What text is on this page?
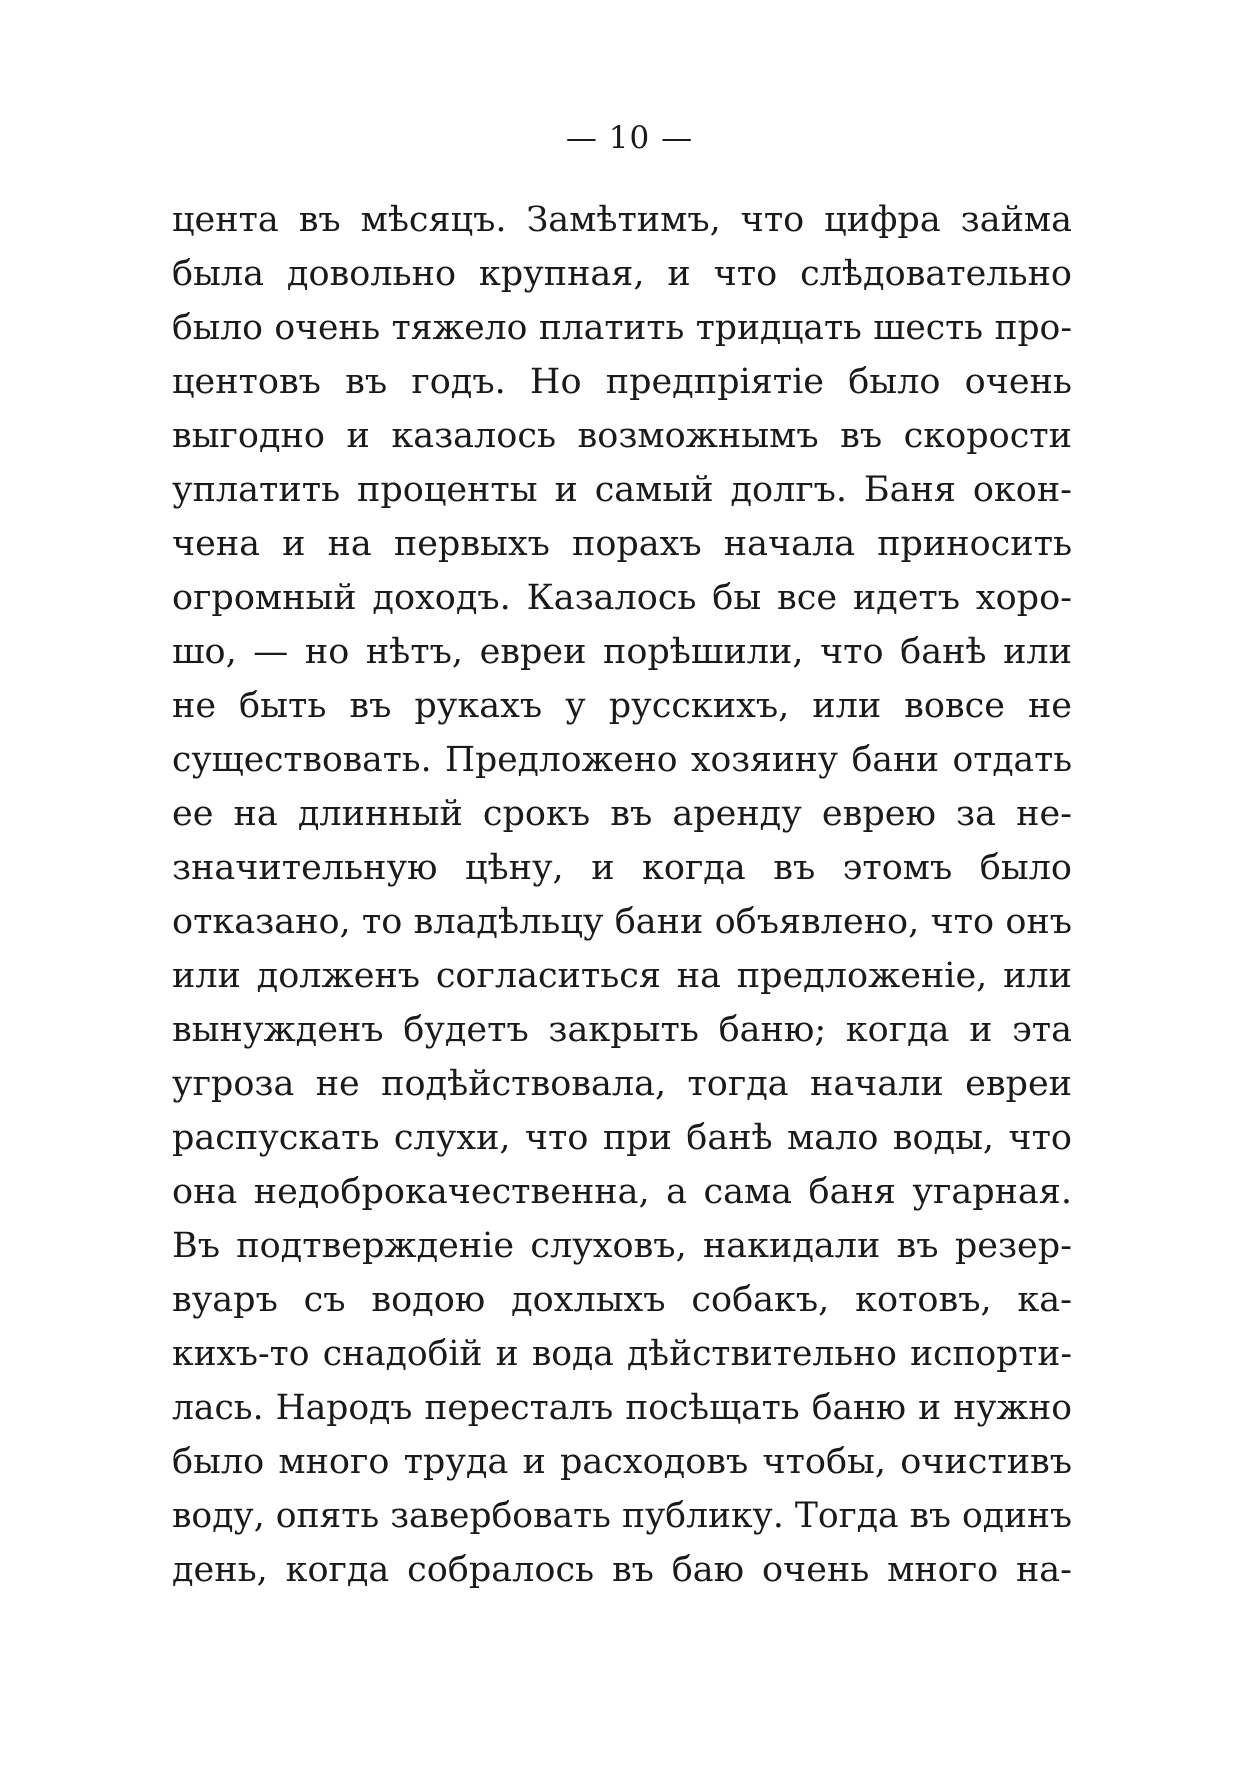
— 10 —
цента въ мѣсяцъ. Замѣтимъ, что цифра займа
была довольно крупная, и что слѣдовательно
было очень тяжело платить тридцать шесть про-
центовъ въ годъ. Но предпріятіе было очень
выгодно и казалось возможнымъ въ скорости
уплатить проценты и самый долгъ. Баня окон-
чена и на первыхъ порахъ начала приносить
огромный доходъ. Казалось бы все идетъ хоро-
шо, — но нѣтъ, евреи порѣшили, что банѣ или
не быть въ рукахъ у русскихъ, или вовсе не
существовать. Предложено хозяину бани отдать
ее на длинный срокъ въ аренду еврею за не-
значительную цѣну, и когда въ этомъ было
отказано, то владѣльцу бани объявлено, что онъ
или долженъ согласиться на предложеніе, или
вынужденъ будетъ закрыть баню; когда и эта
угроза не подѣйствовала, тогда начали евреи
распускать слухи, что при банѣ мало воды, что
она недоброкачественна, а сама баня угарная.
Въ подтвержденіе слуховъ, накидали въ резер-
вуаръ съ водою дохлыхъ собакъ, котовъ, ка-
кихъ-то снадобій и вода дѣйствительно испорти-
лась. Народъ пересталъ посѣщать баню и нужно
было много труда и расходовъ чтобы, очистивъ
воду, опять завербовать публику. Тогда въ одинъ
день, когда собралось въ баю очень много на-
